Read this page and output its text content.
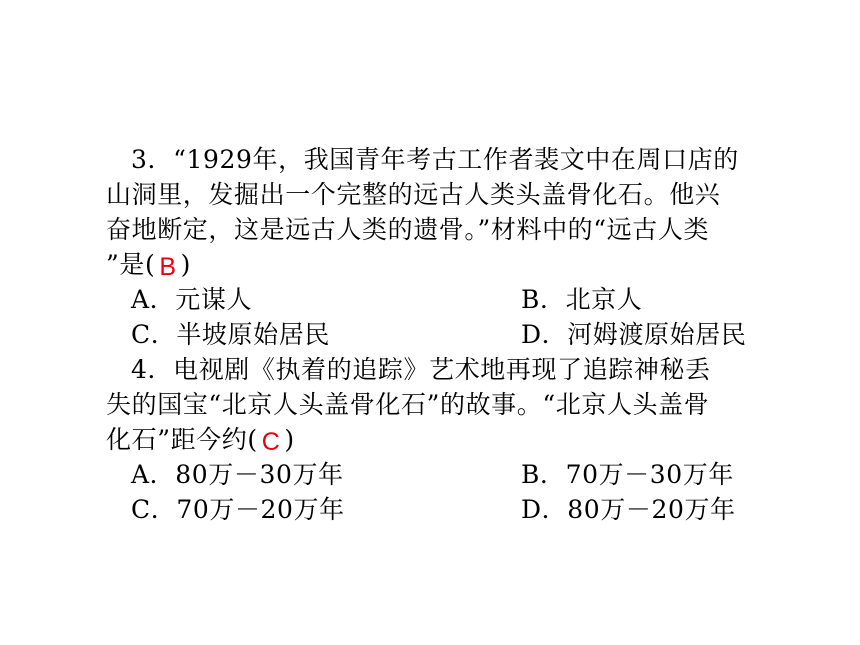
3．“1929年，我国青年考古工作者裴文中在周口店的
山洞里，发掘出一个完整的远古人类头盖骨化石。他兴
奋地断定，这是远古人类的遗骨。”材料中的“远古人类
”是( B )
A．元谋人	B．北京人
C．半坡原始居民	D．河姆渡原始居民
4．电视剧《执着的追踪》艺术地再现了追踪神秘丢
失的国宝“北京人头盖骨化石”的故事。“北京人头盖骨
化石”距今约( C )
A．80万－30万年	B．70万－30万年
C．70万－20万年	D．80万－20万年
